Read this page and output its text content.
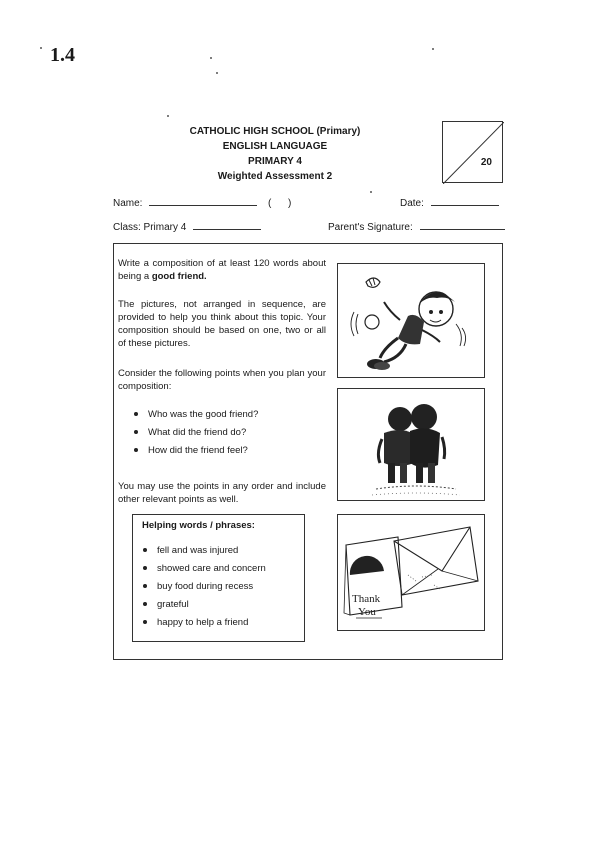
1.4
CATHOLIC HIGH SCHOOL (Primary)
ENGLISH LANGUAGE
PRIMARY 4
Weighted Assessment 2
20
Name:	(      )	Date:
Class: Primary 4	Parent's Signature:
Write a composition of at least 120 words about being a good friend.
The pictures, not arranged in sequence, are provided to help you think about this topic. Your composition should be based on one, two or all of these pictures.
Consider the following points when you plan your composition:
Who was the good friend?
What did the friend do?
How did the friend feel?
You may use the points in any order and include other relevant points as well.
Helping words / phrases:
fell and was injured
showed care and concern
buy food during recess
grateful
happy to help a friend
Thank
You
